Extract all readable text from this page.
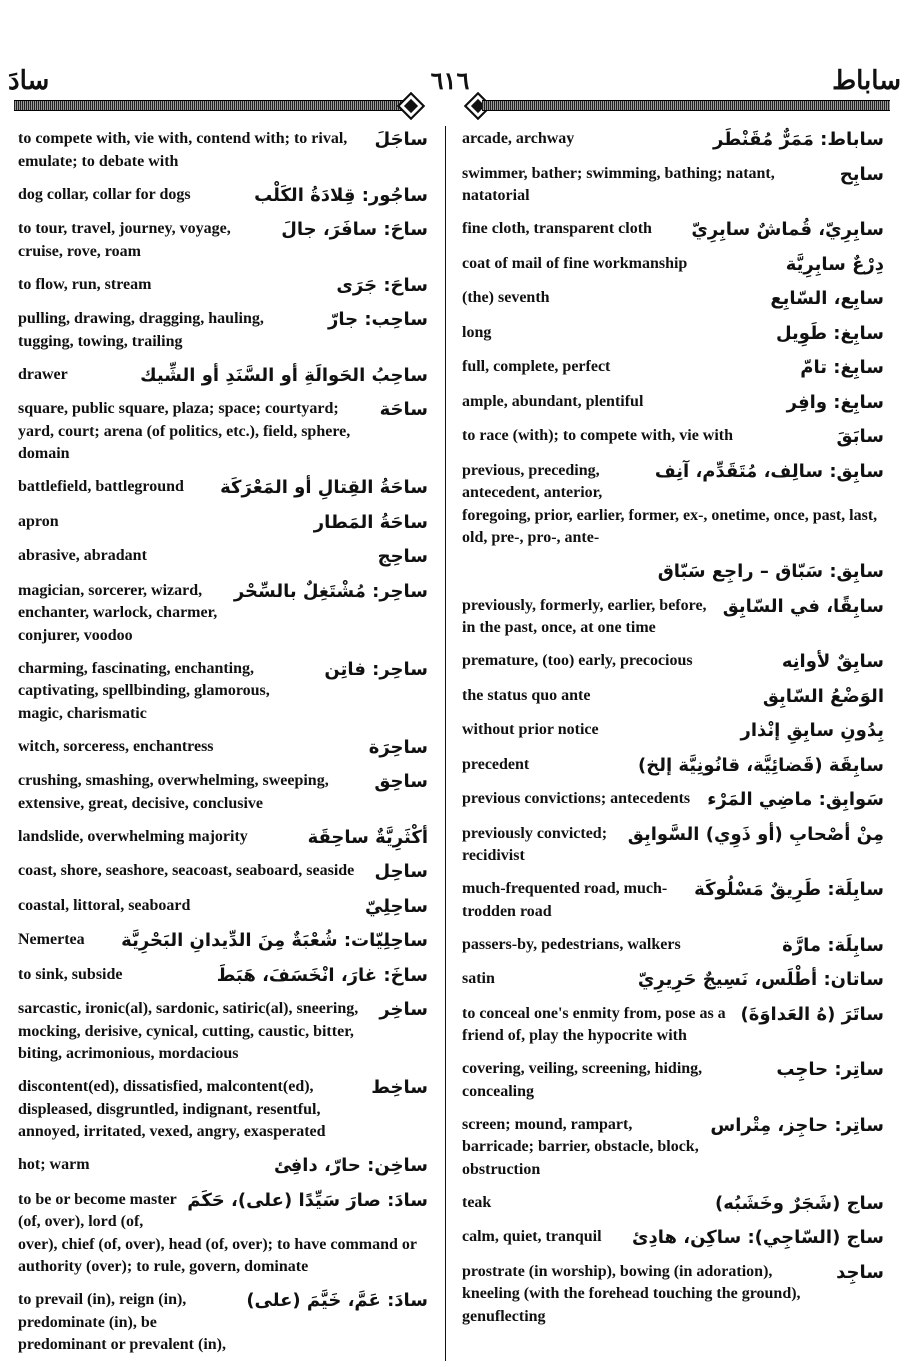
سادَ	٦١٦	ساباط
ساجَلَ
to compete with, vie with, contend with; to rival, emulate; to debate with
ساجُور: قِلادَةُ الكَلْب
dog collar, collar for dogs
ساحَ: سافَرَ، جالَ
to tour, travel, journey, voyage, cruise, rove, roam
ساحَ: جَرَى
to flow, run, stream
ساحِب: جارّ
pulling, drawing, dragging, hauling, tugging, towing, trailing
ساحِبُ الحَوالَةِ أو السَّنَدِ أو الشِّيك
drawer
ساحَة
square, public square, plaza; space; courtyard; yard, court; arena (of politics, etc.), field, sphere, domain
ساحَةُ القِتالِ أو المَعْرَكَة
battlefield, battleground
ساحَةُ المَطار
apron
ساحِج
abrasive, abradant
ساحِر: مُشْتَغِلٌ بالسِّحْر
magician, sorcerer, wizard, enchanter, warlock, charmer, conjurer, voodoo
ساحِر: فاتِن
charming, fascinating, enchanting, captivating, spellbinding, glamorous, magic, charismatic
ساحِرَة
witch, sorceress, enchantress
ساحِق
crushing, smashing, overwhelming, sweeping, extensive, great, decisive, conclusive
أكْثَرِيَّةٌ ساحِقَة
landslide, overwhelming majority
ساحِل
coast, shore, seashore, seacoast, seaboard, seaside
ساحِلِيّ
coastal, littoral, seaboard
ساحِلِيّات: شُعْبَةٌ مِنَ الدِّيدانِ البَحْرِيَّة
Nemertea
ساخَ: غارَ، انْخَسَفَ، هَبَطَ
to sink, subside
ساخِر
sarcastic, ironic(al), sardonic, satiric(al), sneering, mocking, derisive, cynical, cutting, caustic, bitter, biting, acrimonious, mordacious
ساخِط
discontent(ed), dissatisfied, malcontent(ed), displeased, disgruntled, indignant, resentful, annoyed, irritated, vexed, angry, exasperated
ساخِن: حارّ، دافِئ
hot; warm
سادَ: صارَ سَيِّدًا (على)، حَكَمَ
to be or become master (of, over), lord (of, over), chief (of, over), head (of, over); to have command or authority (over); to rule, govern, dominate
سادَ: عَمَّ، خَيَّمَ (على)
to prevail (in), reign (in), predominate (in), be predominant or prevalent (in),
ساباط: مَمَرٌّ مُقَنْطَر
arcade, archway
سابِح
swimmer, bather; swimming, bathing; natant, natatorial
سابِرِيّ، قُماشٌ سابِرِيّ
fine cloth, transparent cloth
دِرْعٌ سابِرِيَّة
coat of mail of fine workmanship
سابِع، السّابِع
(the) seventh
سابِغ: طَوِيل
long
سابِغ: تامّ
full, complete, perfect
سابِغ: وافِر
ample, abundant, plentiful
سابَقَ
to race (with); to compete with, vie with
سابِق: سالِف، مُتَقَدِّم، آنِف
previous, preceding, antecedent, anterior, foregoing, prior, earlier, former, ex-, onetime, once, past, last, old, pre-, pro-, ante-
سابِق: سَبّاق – راجِع سَبّاق
سابِقًا، في السّابِق
previously, formerly, earlier, before, in the past, once, at one time
سابِقٌ لأوانِه
premature, (too) early, precocious
الوَضْعُ السّابِق
the status quo ante
بِدُونِ سابِقِ إنْذار
without prior notice
سابِقَة (قَضائِيَّة، قانُونِيَّة إلخ)
precedent
سَوابِق: ماضِي المَرْء
previous convictions; antecedents
مِنْ أصْحابِ (أو ذَوِي) السَّوابِق
previously convicted; recidivist
سابِلَة: طَرِيقٌ مَسْلُوكَة
much-frequented road, much-trodden road
سابِلَة: مارَّة
passers-by, pedestrians, walkers
ساتان: أطْلَس، نَسِيجٌ حَرِيرِيّ
satin
ساتَرَ (هُ العَداوَةَ)
to conceal one's enmity from, pose as a friend of, play the hypocrite with
ساتِر: حاجِب
covering, veiling, screening, hiding, concealing
ساتِر: حاجِز، مِتْراس
screen; mound, rampart, barricade; barrier, obstacle, block, obstruction
ساج (شَجَرٌ وخَشَبُه)
teak
ساج (السّاجِي): ساكِن، هادِئ
calm, quiet, tranquil
ساجِد
prostrate (in worship), bowing (in adoration), kneeling (with the forehead touching the ground), genuflecting
